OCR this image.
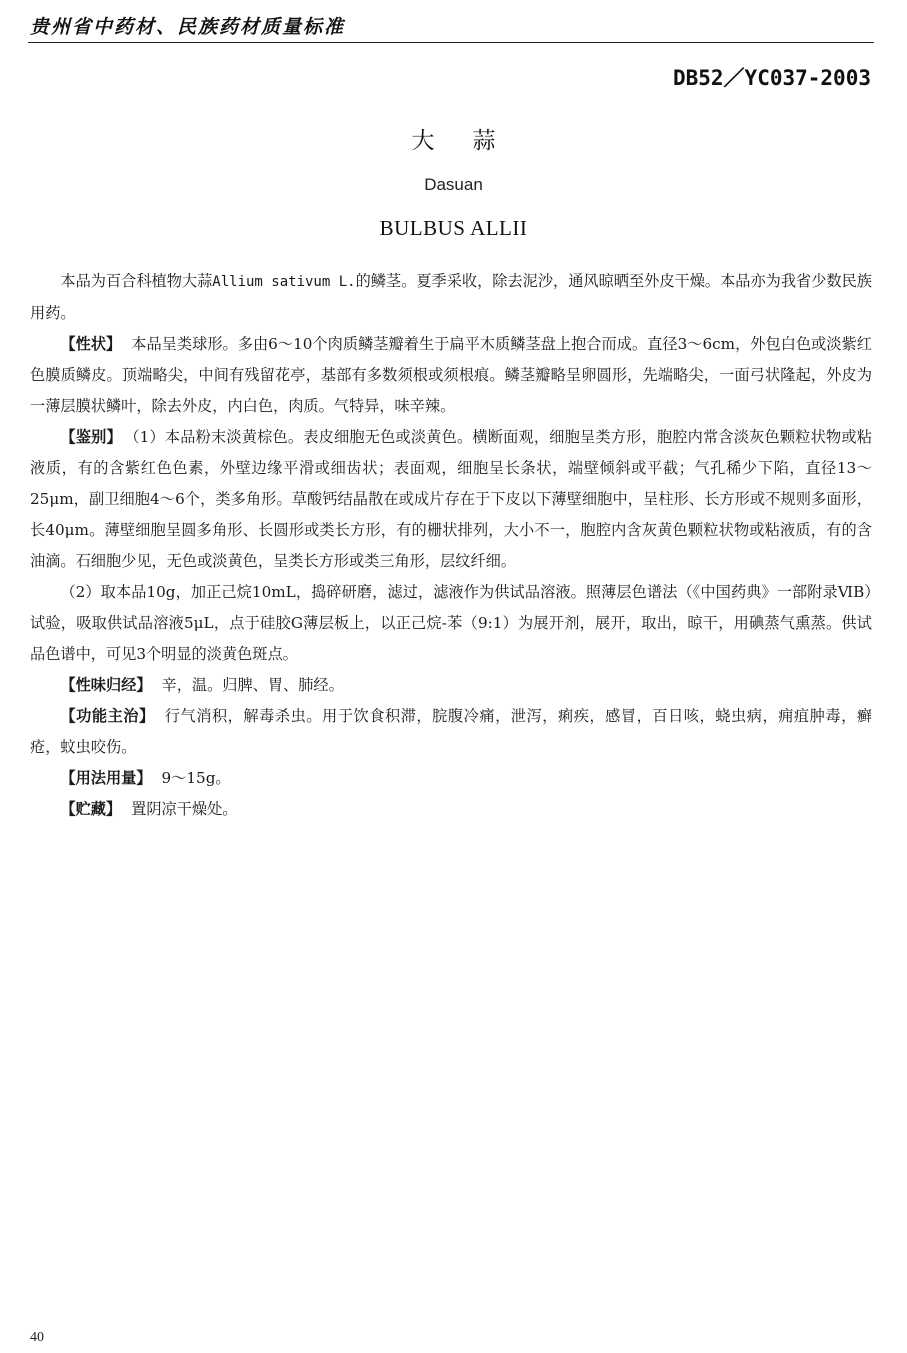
贵州省中药材、民族药材质量标准
DB52／YC037-2003
大蒜
Dasuan
BULBUS ALLII

本品为百合科植物大蒜Allium sativum L.的鳞茎。夏季采收，除去泥沙，通风晾晒至外皮干燥。本品亦为我省少数民族用药。

【性状】 本品呈类球形。多由6～10个肉质鳞茎瓣着生于扁平木质鳞茎盘上抱合而成。直径3～6cm，外包白色或淡紫红色膜质鳞皮。顶端略尖，中间有残留花亭，基部有多数须根或须根痕。鳞茎瓣略呈卵圆形，先端略尖，一面弓状隆起，外皮为一薄层膜状鳞叶，除去外皮，内白色，肉质。气特异，味辛辣。

【鉴别】 （1）本品粉末淡黄棕色。表皮细胞无色或淡黄色。横断面观，细胞呈类方形，胞腔内常含淡灰色颗粒状物或粘液质，有的含紫红色色素，外壁边缘平滑或细齿状；表面观，细胞呈长条状，端壁倾斜或平截；气孔稀少下陷，直径13～25μm，副卫细胞4～6个，类多角形。草酸钙结晶散在或成片存在于下皮以下薄壁细胞中，呈柱形、长方形或不规则多面形，长40μm。薄壁细胞呈圆多角形、长圆形或类长方形，有的栅状排列，大小不一，胞腔内含灰黄色颗粒状物或粘液质，有的含油滴。石细胞少见，无色或淡黄色，呈类长方形或类三角形，层纹纤细。

（2）取本品10g，加正己烷10mL，捣碎研磨，滤过，滤液作为供试品溶液。照薄层色谱法（《中国药典》一部附录ⅥB）试验，吸取供试品溶液5μL，点于硅胶G薄层板上，以正己烷-苯（9:1）为展开剂，展开，取出，晾干，用碘蒸气熏蒸。供试品色谱中，可见3个明显的淡黄色斑点。

【性味归经】 辛，温。归脾、胃、肺经。

【功能主治】 行气消积，解毒杀虫。用于饮食积滞，脘腹冷痛，泄泻，痢疾，感冒，百日咳，蛲虫病，痈疽肿毒，癣疮，蚊虫咬伤。

【用法用量】 9～15g。

【贮藏】 置阴凉干燥处。

40
